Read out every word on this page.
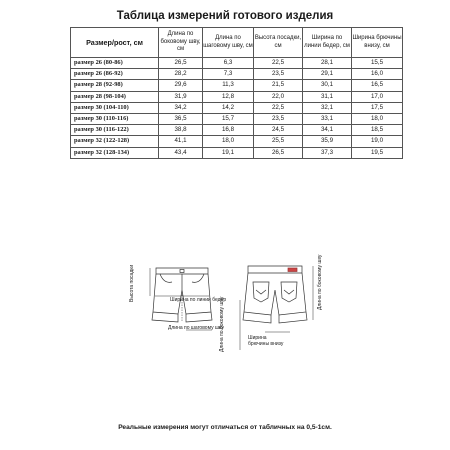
Таблица измерений готового изделия
Размер/рост, см	Длина по боковому шву, см	Длина по шаговому шву, см	Высота посадки, см	Ширина по линии бедер, см	Ширина брючины внизу, см
размер 26 (80-86)	26,5	6,3	22,5	28,1	15,5
размер 26 (86-92)	28,2	7,3	23,5	29,1	16,0
размер 28 (92-98)	29,6	11,3	21,5	30,1	16,5
размер 28 (98-104)	31,9	12,8	22,0	31,1	17,0
размер 30 (104-110)	34,2	14,2	22,5	32,1	17,5
размер 30 (110-116)	36,5	15,7	23,5	33,1	18,0
размер 30 (116-122)	38,8	16,8	24,5	34,1	18,5
размер 32 (122-128)	41,1	18,0	25,5	35,9	19,0
размер 32 (128-134)	43,4	19,1	26,5	37,3	19,5
Высота посадки	Ширина по линии бедер
Длина по шаговому шву
Длина по боковому шву	Ширина брючины внизу
Длина по боковому шву
Реальные измерения могут отличаться от табличных на 0,5-1см.
